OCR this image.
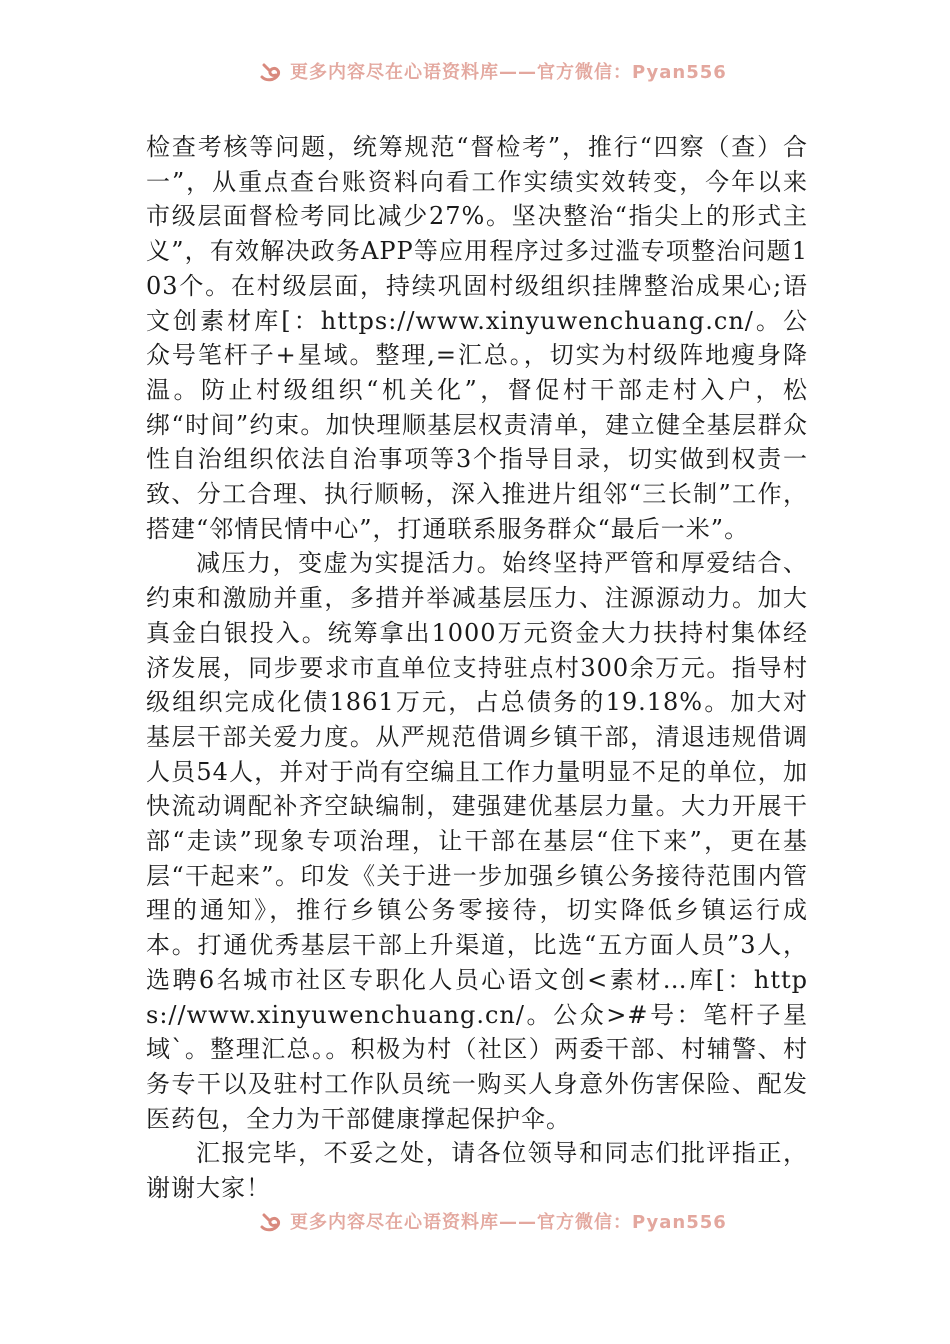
更多内容尽在心语资料库——官方微信：Pyan556

检查考核等问题，统筹规范“督检考”，推行“四察（查）合一”，从重点查台账资料向看工作实绩实效转变，今年以来市级层面督检考同比减少27%。坚决整治“指尖上的形式主义”，有效解决政务APP等应用程序过多过滥专项整治问题103个。在村级层面，持续巩固村级组织挂牌整治成果心;语文创素材库[：https://www.xinyuwenchuang.cn/。公众号笔杆子+星域。整理,=汇总。，切实为村级阵地瘦身降温。防止村级组织“机关化”，督促村干部走村入户，松绑“时间”约束。加快理顺基层权责清单，建立健全基层群众性自治组织依法自治事项等3个指导目录，切实做到权责一致、分工合理、执行顺畅，深入推进片组邻“三长制”工作，搭建“邻情民情中心”，打通联系服务群众“最后一米”。

减压力，变虚为实提活力。始终坚持严管和厚爱结合、约束和激励并重，多措并举减基层压力、注源源动力。加大真金白银投入。统筹拿出1000万元资金大力扶持村集体经济发展，同步要求市直单位支持驻点村300余万元。指导村级组织完成化债1861万元，占总债务的19.18%。加大对基层干部关爱力度。从严规范借调乡镇干部，清退违规借调人员54人，并对于尚有空编且工作力量明显不足的单位，加快流动调配补齐空缺编制，建强建优基层力量。大力开展干部“走读”现象专项治理，让干部在基层“住下来”，更在基层“干起来”。印发《关于进一步加强乡镇公务接待范围内管理的通知》，推行乡镇公务零接待，切实降低乡镇运行成本。打通优秀基层干部上升渠道，比选“五方面人员”3人，选聘6名城市社区专职化人员心语文创<素材…库[：https://www.xinyuwenchuang.cn/。公众>#号：笔杆子星域`。整理汇总。。积极为村（社区）两委干部、村辅警、村务专干以及驻村工作队员统一购买人身意外伤害保险、配发医药包，全力为干部健康撑起保护伞。

汇报完毕，不妥之处，请各位领导和同志们批评指正，谢谢大家！

更多内容尽在心语资料库——官方微信：Pyan556
